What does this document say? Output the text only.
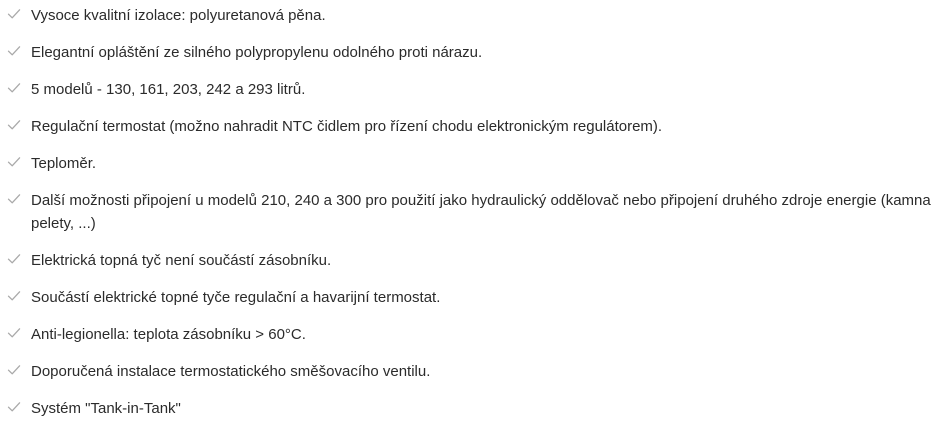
Vysoce kvalitní izolace: polyuretanová pěna.
Elegantní opláštění ze silného polypropylenu odolného proti nárazu.
5 modelů - 130, 161, 203, 242 a 293 litrů.
Regulační termostat (možno nahradit NTC čidlem pro řízení chodu elektronickým regulátorem).
Teploměr.
Další možnosti připojení u modelů 210, 240 a 300 pro použití jako hydraulický oddělovač nebo připojení druhého zdroje energie (kamna pelety, ...)
Elektrická topná tyč není součástí zásobníku.
Součástí elektrické topné tyče regulační a havarijní termostat.
Anti-legionella: teplota zásobníku > 60°C.
Doporučená instalace termostatického směšovacího ventilu.
Systém "Tank-in-Tank"
